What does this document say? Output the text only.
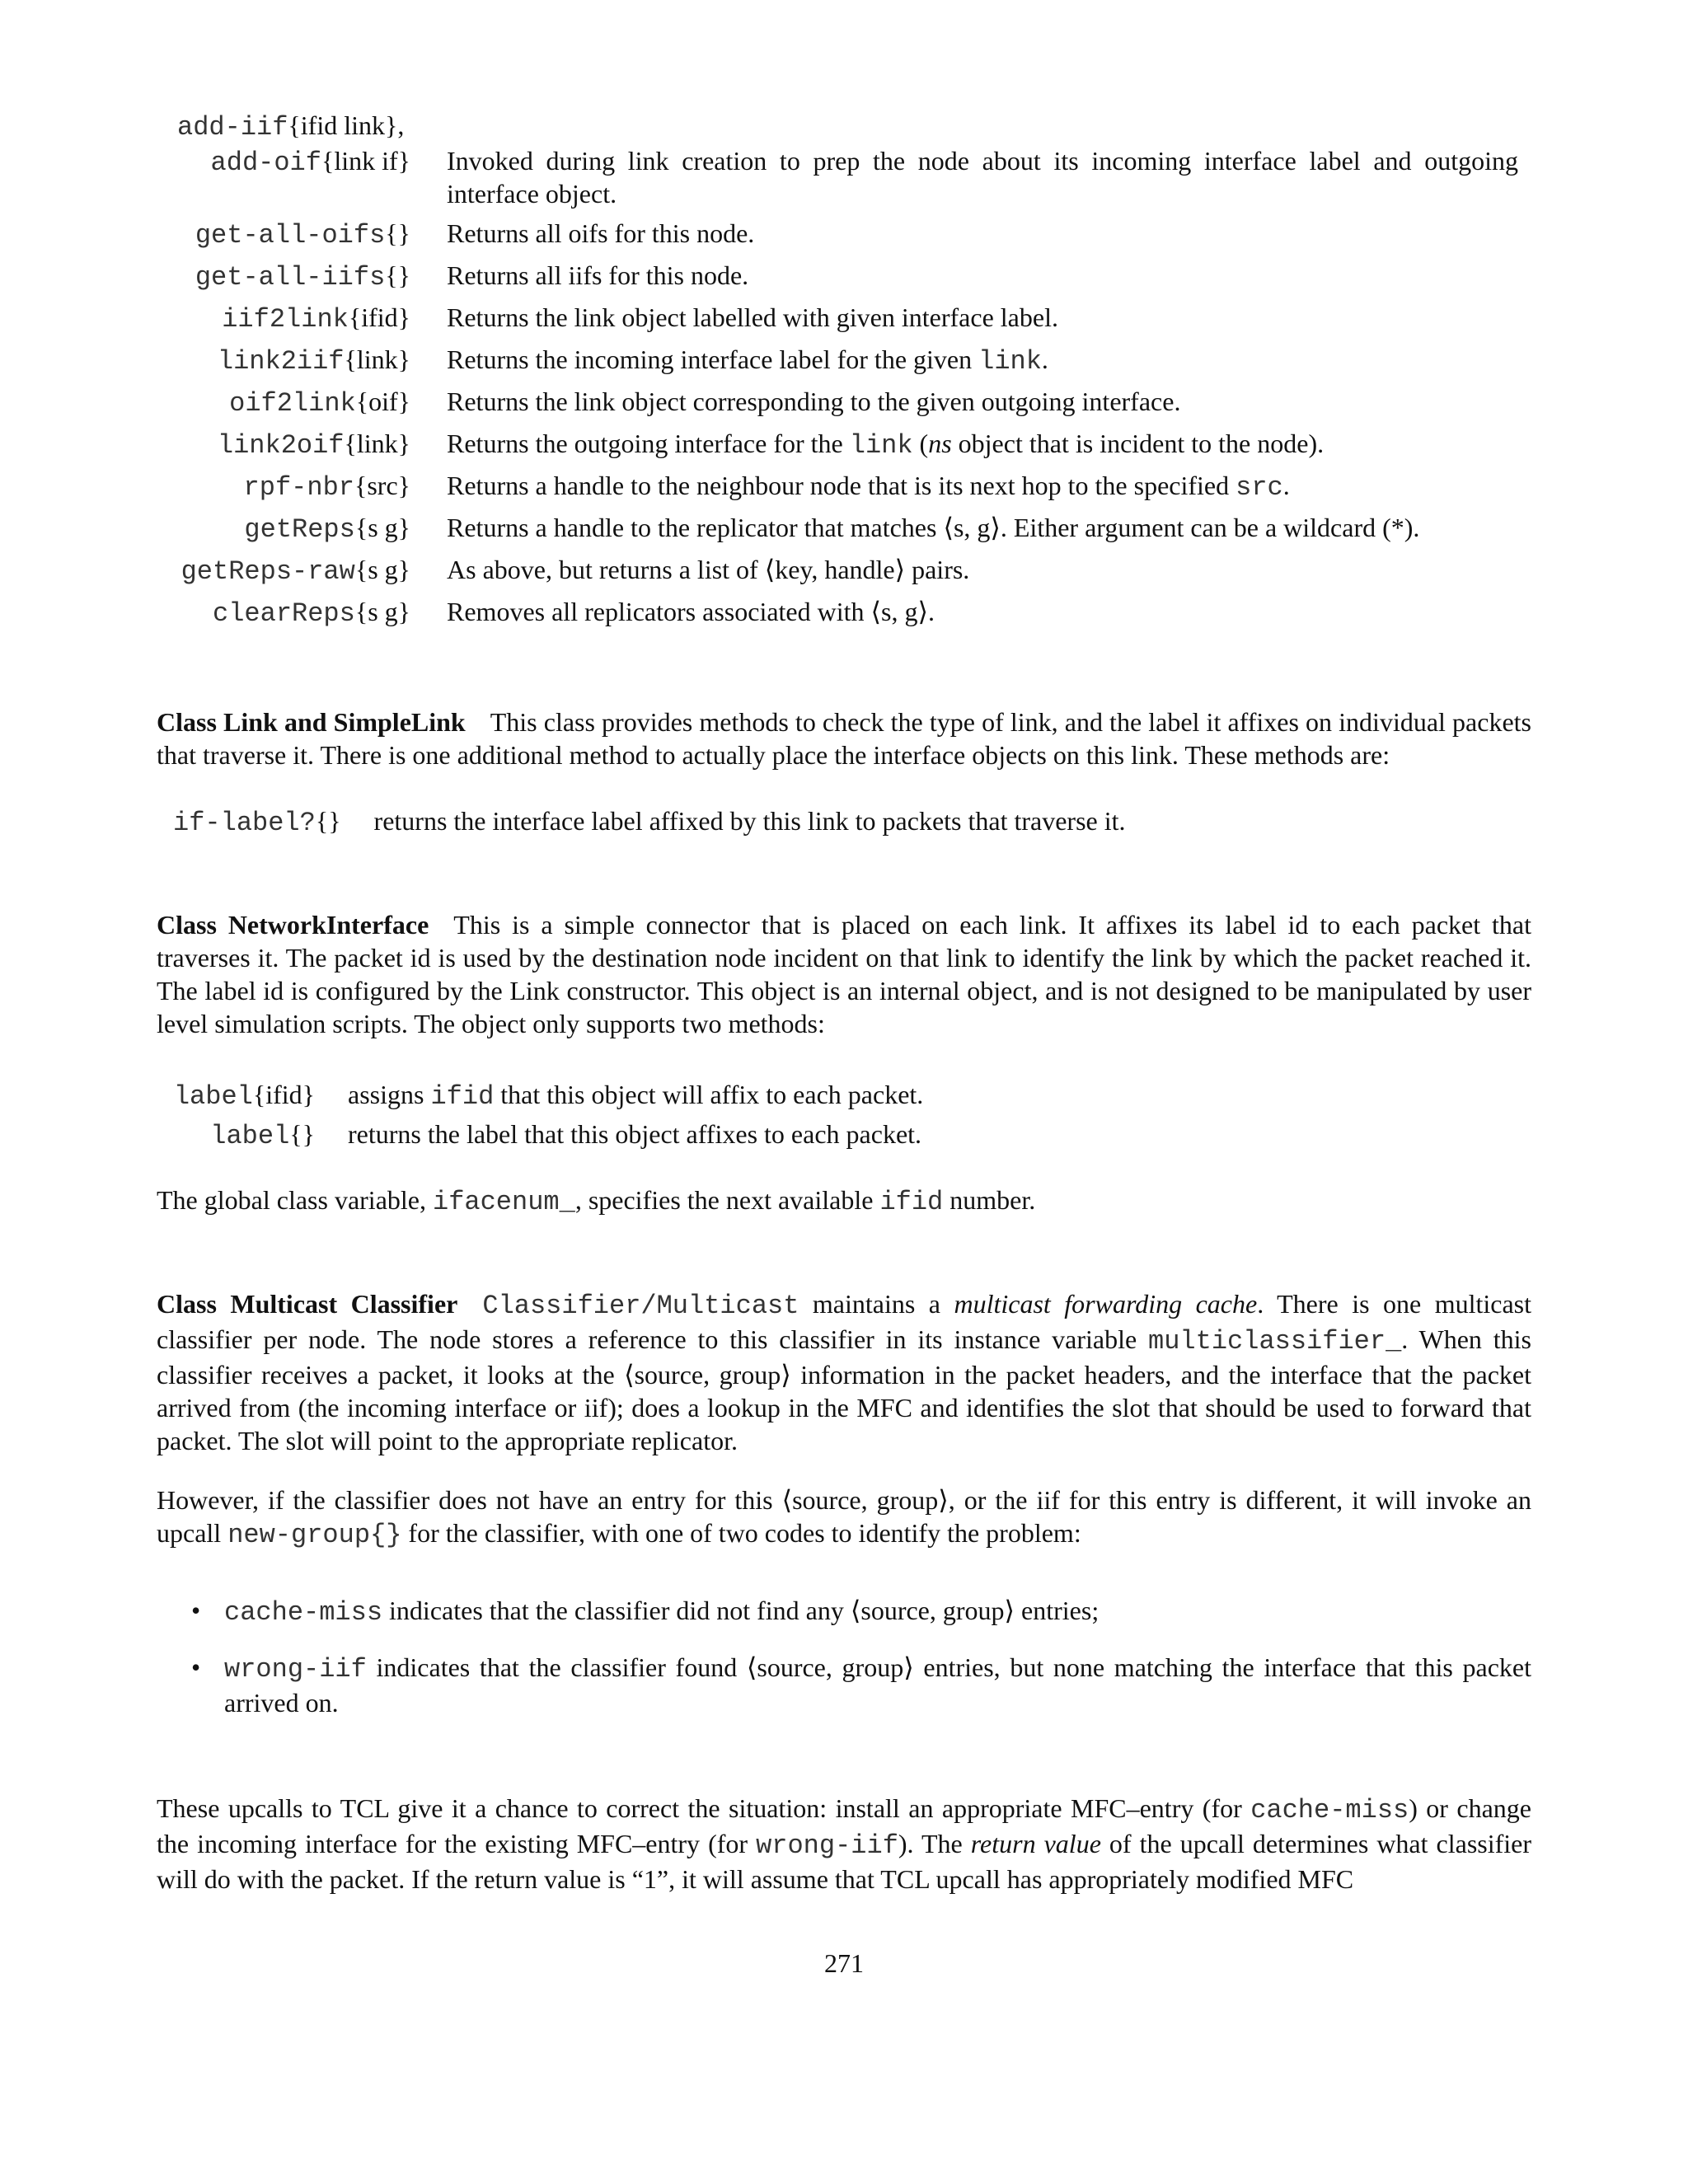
add-iif{ifid link},
add-oif{link if} Invoked during link creation to prep the node about its incoming interface label and outgoing interface object.
get-all-oifs{} Returns all oifs for this node.
get-all-iifs{} Returns all iifs for this node.
iif2link{ifid} Returns the link object labelled with given interface label.
link2iif{link} Returns the incoming interface label for the given link.
oif2link{oif} Returns the link object corresponding to the given outgoing interface.
link2oif{link} Returns the outgoing interface for the link (ns object that is incident to the node).
rpf-nbr{src} Returns a handle to the neighbour node that is its next hop to the specified src.
getReps{s g} Returns a handle to the replicator that matches ⟨s, g⟩. Either argument can be a wildcard (*).
getReps-raw{s g} As above, but returns a list of ⟨key, handle⟩ pairs.
clearReps{s g} Removes all replicators associated with ⟨s, g⟩.
Class Link and SimpleLink This class provides methods to check the type of link, and the label it affixes on individual packets that traverse it. There is one additional method to actually place the interface objects on this link. These methods are:
if-label?{} returns the interface label affixed by this link to packets that traverse it.
Class NetworkInterface This is a simple connector that is placed on each link. It affixes its label id to each packet that traverses it. The packet id is used by the destination node incident on that link to identify the link by which the packet reached it. The label id is configured by the Link constructor. This object is an internal object, and is not designed to be manipulated by user level simulation scripts. The object only supports two methods:
label{ifid} assigns ifid that this object will affix to each packet.
label{} returns the label that this object affixes to each packet.
The global class variable, ifacenum_, specifies the next available ifid number.
Class Multicast Classifier Classifier/Multicast maintains a multicast forwarding cache. There is one multicast classifier per node. The node stores a reference to this classifier in its instance variable multiclassifier_. When this classifier receives a packet, it looks at the ⟨source, group⟩ information in the packet headers, and the interface that the packet arrived from (the incoming interface or iif); does a lookup in the MFC and identifies the slot that should be used to forward that packet. The slot will point to the appropriate replicator.
However, if the classifier does not have an entry for this ⟨source, group⟩, or the iif for this entry is different, it will invoke an upcall new-group{} for the classifier, with one of two codes to identify the problem:
• cache-miss indicates that the classifier did not find any ⟨source, group⟩ entries;
• wrong-iif indicates that the classifier found ⟨source, group⟩ entries, but none matching the interface that this packet arrived on.
These upcalls to TCL give it a chance to correct the situation: install an appropriate MFC–entry (for cache-miss) or change the incoming interface for the existing MFC–entry (for wrong-iif). The return value of the upcall determines what classifier will do with the packet. If the return value is “1”, it will assume that TCL upcall has appropriately modified MFC
271
